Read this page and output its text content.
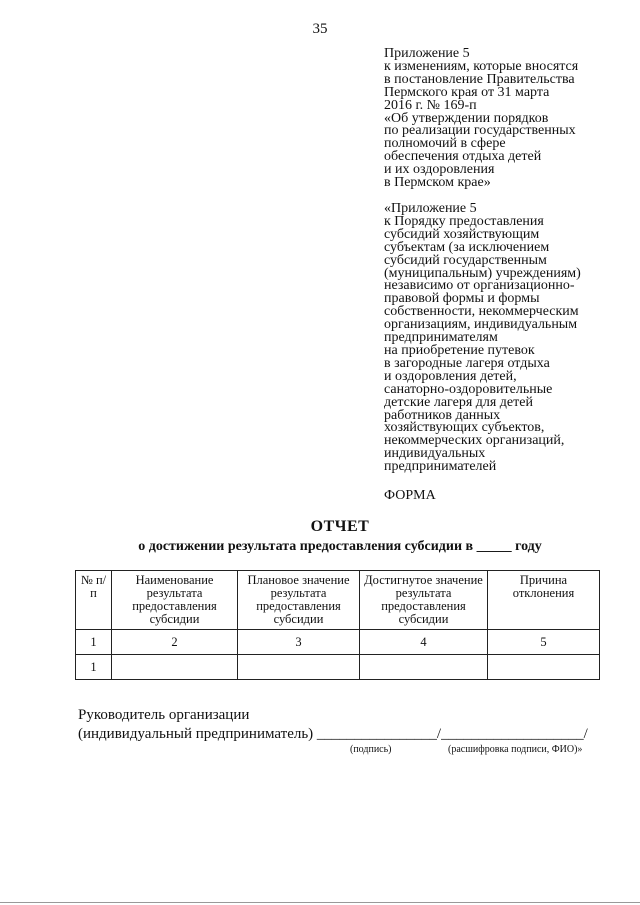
35
Приложение 5
к изменениям, которые вносятся
в постановление Правительства
Пермского края от 31 марта
2016 г. № 169-п
«Об утверждении порядков
по реализации государственных
полномочий в сфере
обеспечения отдыха детей
и их оздоровления
в Пермском крае»
«Приложение 5
к Порядку предоставления
субсидий хозяйствующим
субъектам (за исключением
субсидий государственным
(муниципальным) учреждениям)
независимо от организационно-
правовой формы и формы
собственности, некоммерческим
организациям, индивидуальным
предпринимателям
на приобретение путевок
в загородные лагеря отдыха
и оздоровления детей,
санаторно-оздоровительные
детские лагеря для детей
работников данных
хозяйствующих субъектов,
некоммерческих организаций,
индивидуальных
предпринимателей
ФОРМА
ОТЧЕТ
о достижении результата предоставления субсидии в _____ году
№ п/п	Наименование результата предоставления субсидии	Плановое значение результата предоставления субсидии	Достигнутое значение результата предоставления субсидии	Причина отклонения
1	2	3	4	5
1				
Руководитель организации
(индивидуальный предприниматель) ________________/___________________/
(подпись)	(расшифровка подписи, ФИО)»
